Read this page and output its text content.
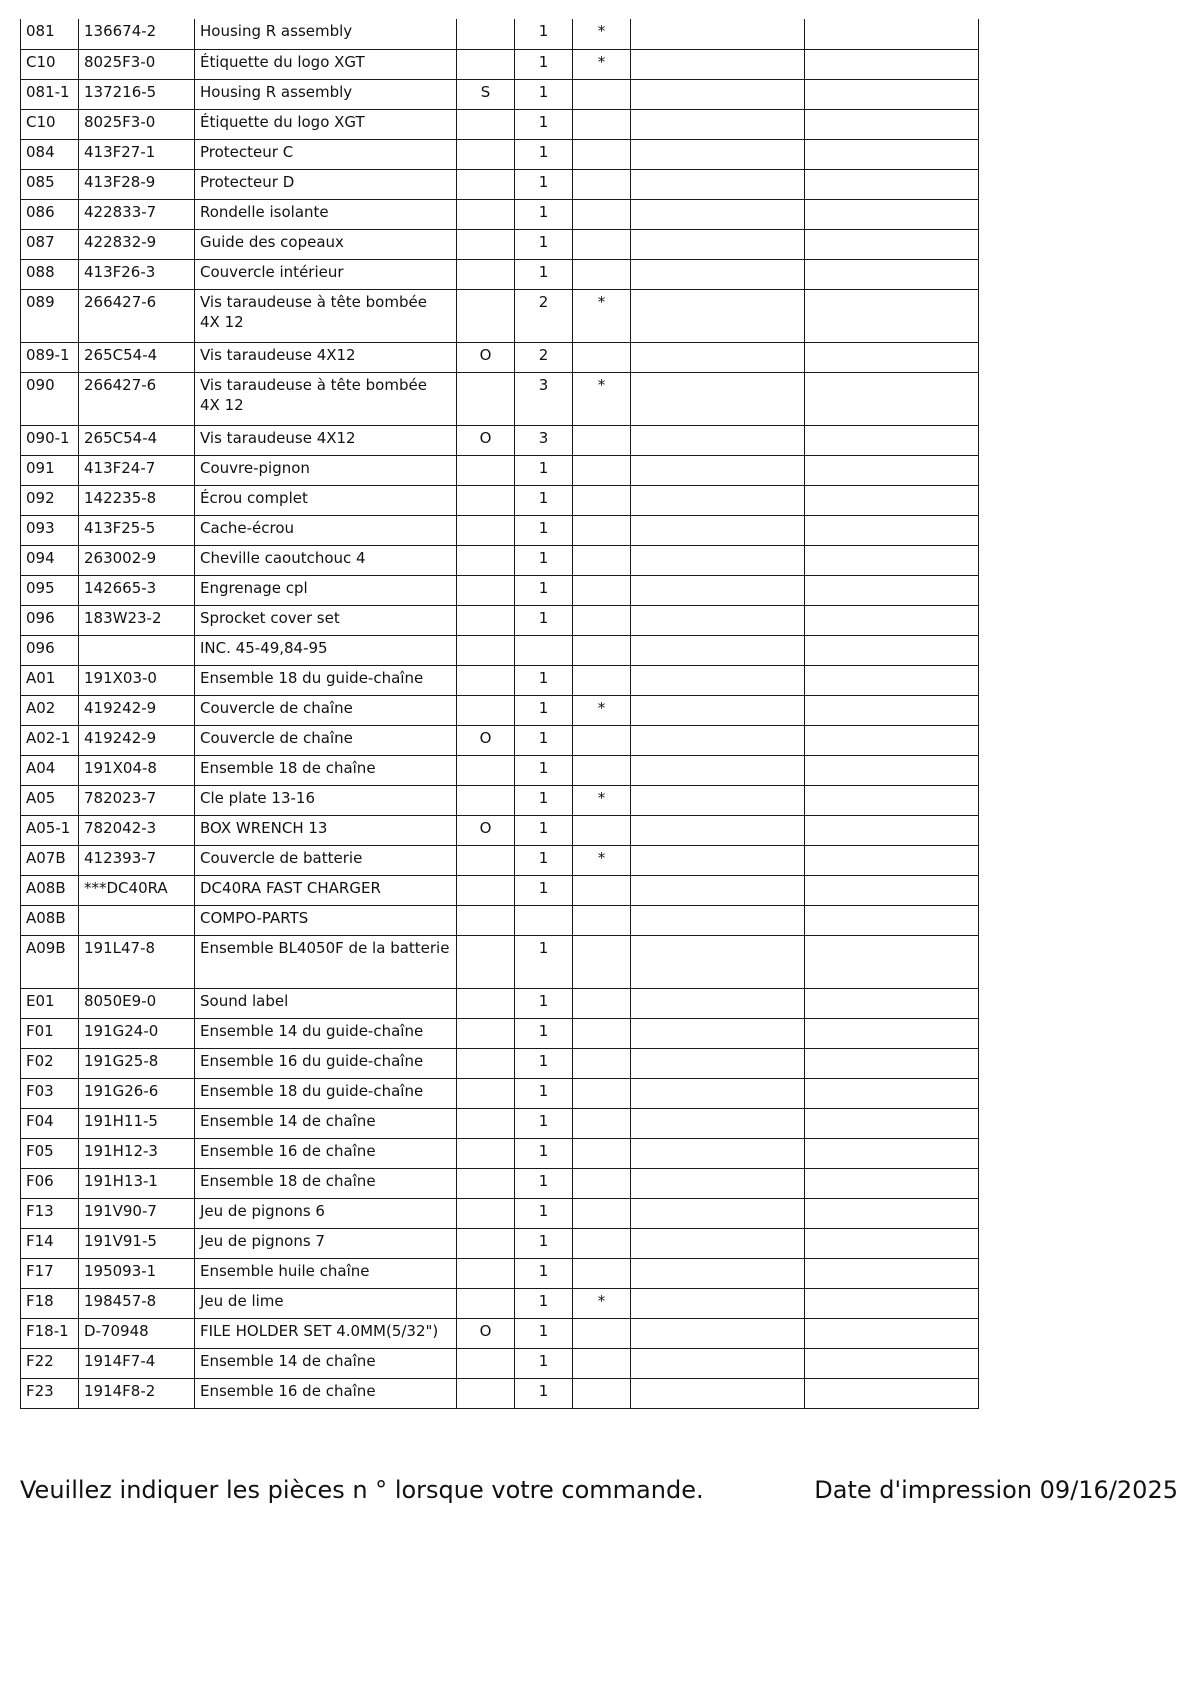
081	136674-2	Housing R assembly		1	*		
C10	8025F3-0	Étiquette du logo XGT		1	*		
081-1	137216-5	Housing R assembly	S	1			
C10	8025F3-0	Étiquette du logo XGT		1			
084	413F27-1	Protecteur C		1			
085	413F28-9	Protecteur D		1			
086	422833-7	Rondelle isolante		1			
087	422832-9	Guide des copeaux		1			
088	413F26-3	Couvercle intérieur		1			
089	266427-6	Vis taraudeuse à tête bombée 4X 12		2	*		
089-1	265C54-4	Vis taraudeuse 4X12	O	2			
090	266427-6	Vis taraudeuse à tête bombée 4X 12		3	*		
090-1	265C54-4	Vis taraudeuse 4X12	O	3			
091	413F24-7	Couvre-pignon		1			
092	142235-8	Écrou complet		1			
093	413F25-5	Cache-écrou		1			
094	263002-9	Cheville caoutchouc 4		1			
095	142665-3	Engrenage cpl		1			
096	183W23-2	Sprocket cover set		1			
096		INC. 45-49,84-95					
A01	191X03-0	Ensemble 18 du guide-chaîne		1			
A02	419242-9	Couvercle de chaîne		1	*		
A02-1	419242-9	Couvercle de chaîne	O	1			
A04	191X04-8	Ensemble 18 de chaîne		1			
A05	782023-7	Cle plate 13-16		1	*		
A05-1	782042-3	BOX WRENCH 13	O	1			
A07B	412393-7	Couvercle de batterie		1	*		
A08B	***DC40RA	DC40RA FAST CHARGER		1			
A08B		COMPO-PARTS					
A09B	191L47-8	Ensemble BL4050F de la batterie		1			
E01	8050E9-0	Sound label		1			
F01	191G24-0	Ensemble 14 du guide-chaîne		1			
F02	191G25-8	Ensemble 16 du guide-chaîne		1			
F03	191G26-6	Ensemble 18 du guide-chaîne		1			
F04	191H11-5	Ensemble 14 de chaîne		1			
F05	191H12-3	Ensemble 16 de chaîne		1			
F06	191H13-1	Ensemble 18 de chaîne		1			
F13	191V90-7	Jeu de pignons 6		1			
F14	191V91-5	Jeu de pignons 7		1			
F17	195093-1	Ensemble huile chaîne		1			
F18	198457-8	Jeu de lime		1	*		
F18-1	D-70948	FILE HOLDER SET 4.0MM(5/32")	O	1			
F22	1914F7-4	Ensemble 14 de chaîne		1			
F23	1914F8-2	Ensemble 16 de chaîne		1			
Veuillez indiquer les pièces n ° lorsque votre commande.	Date d'impression 09/16/2025
